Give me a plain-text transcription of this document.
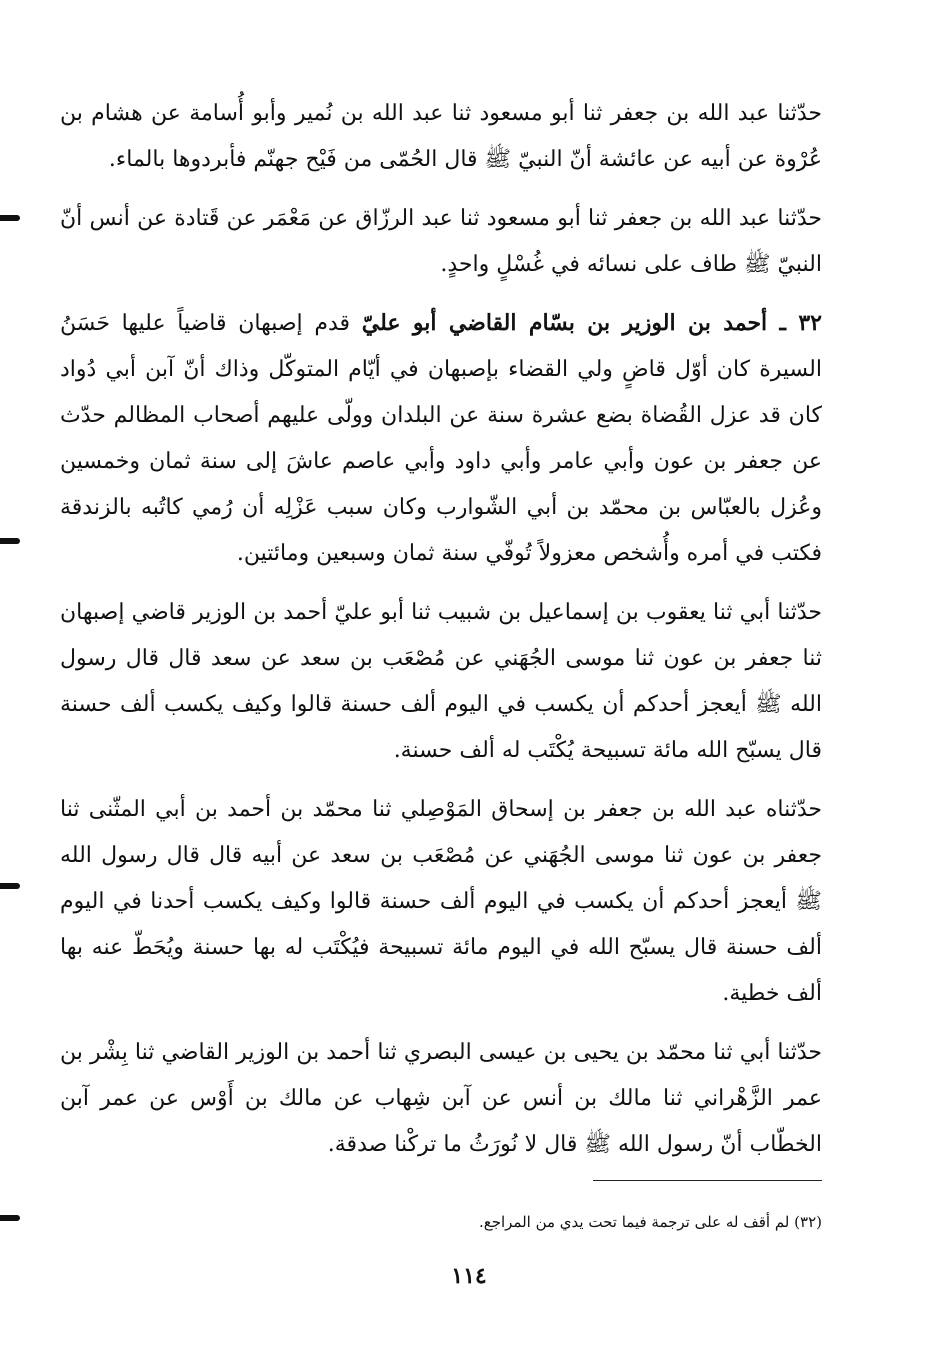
حدّثنا عبد الله بن جعفر ثنا أبو مسعود ثنا عبد الله بن نُمير وأبو أُسامة عن هشام بن عُرْوة عن أبيه عن عائشة أنّ النبيّ ﷺ قال الحُمّى من فَيْح جهنّم فأبردوها بالماء.

حدّثنا عبد الله بن جعفر ثنا أبو مسعود ثنا عبد الرزّاق عن مَعْمَر عن قَتادة عن أنس أنّ النبيّ ﷺ طاف على نسائه في غُسْلٍ واحدٍ.

٣٢ ـ أحمد بن الوزير بن بسّام القاضي أبو عليّ قدم إصبهان قاضياً عليها حَسَنُ السيرة كان أوّل قاضٍ ولي القضاء بإصبهان في أيّام المتوكّل وذاك أنّ آبن أبي دُواد كان قد عزل القُضاة بضع عشرة سنة عن البلدان وولّى عليهم أصحاب المظالم حدّث عن جعفر بن عون وأبي عامر وأبي داود وأبي عاصم عاشَ إلى سنة ثمان وخمسين وعُزل بالعبّاس بن محمّد بن أبي الشّوارب وكان سبب عَزْلِه أن رُمي كاتُبه بالزندقة فكتب في أمره وأُشخص معزولاً تُوفّي سنة ثمان وسبعين ومائتين.

حدّثنا أبي ثنا يعقوب بن إسماعيل بن شبيب ثنا أبو عليّ أحمد بن الوزير قاضي إصبهان ثنا جعفر بن عون ثنا موسى الجُهَني عن مُصْعَب بن سعد عن سعد قال قال رسول الله ﷺ أيعجز أحدكم أن يكسب في اليوم ألف حسنة قالوا وكيف يكسب ألف حسنة قال يسبّح الله مائة تسبيحة يُكْتَب له ألف حسنة.

حدّثناه عبد الله بن جعفر بن إسحاق المَوْصِلي ثنا محمّد بن أحمد بن أبي المثّنى ثنا جعفر بن عون ثنا موسى الجُهَني عن مُصْعَب بن سعد عن أبيه قال قال رسول الله ﷺ أيعجز أحدكم أن يكسب في اليوم ألف حسنة قالوا وكيف يكسب أحدنا في اليوم ألف حسنة قال يسبّح الله في اليوم مائة تسبيحة فيُكْتَب له بها حسنة ويُحَطّ عنه بها ألف خطية.

حدّثنا أبي ثنا محمّد بن يحيى بن عيسى البصري ثنا أحمد بن الوزير القاضي ثنا بِشْر بن عمر الزَّهْراني ثنا مالك بن أنس عن آبن شِهاب عن مالك بن أَوْس عن عمر آبن الخطّاب أنّ رسول الله ﷺ قال لا نُورَثُ ما تركْنا صدقة.

(٣٢) لم أقف له على ترجمة فيما تحت يدي من المراجع.
١١٤
